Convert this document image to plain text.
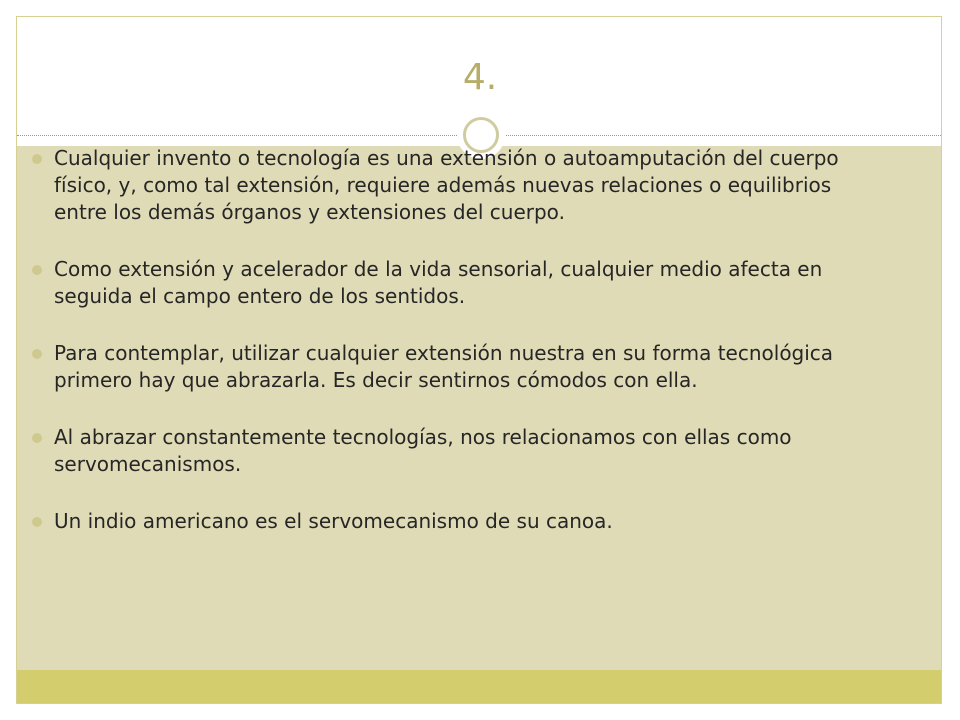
4.
Cualquier invento o tecnología es una extensión o autoamputación del cuerpo físico, y, como tal extensión, requiere además nuevas relaciones o equilibrios entre los demás órganos y extensiones del cuerpo.
Como extensión y acelerador de la vida sensorial, cualquier medio afecta en seguida el campo entero de los sentidos.
Para contemplar, utilizar cualquier extensión nuestra en su forma tecnológica primero hay que abrazarla. Es decir sentirnos cómodos con ella.
Al abrazar constantemente tecnologías, nos relacionamos con ellas como servomecanismos.
Un indio americano es el servomecanismo de su canoa.
